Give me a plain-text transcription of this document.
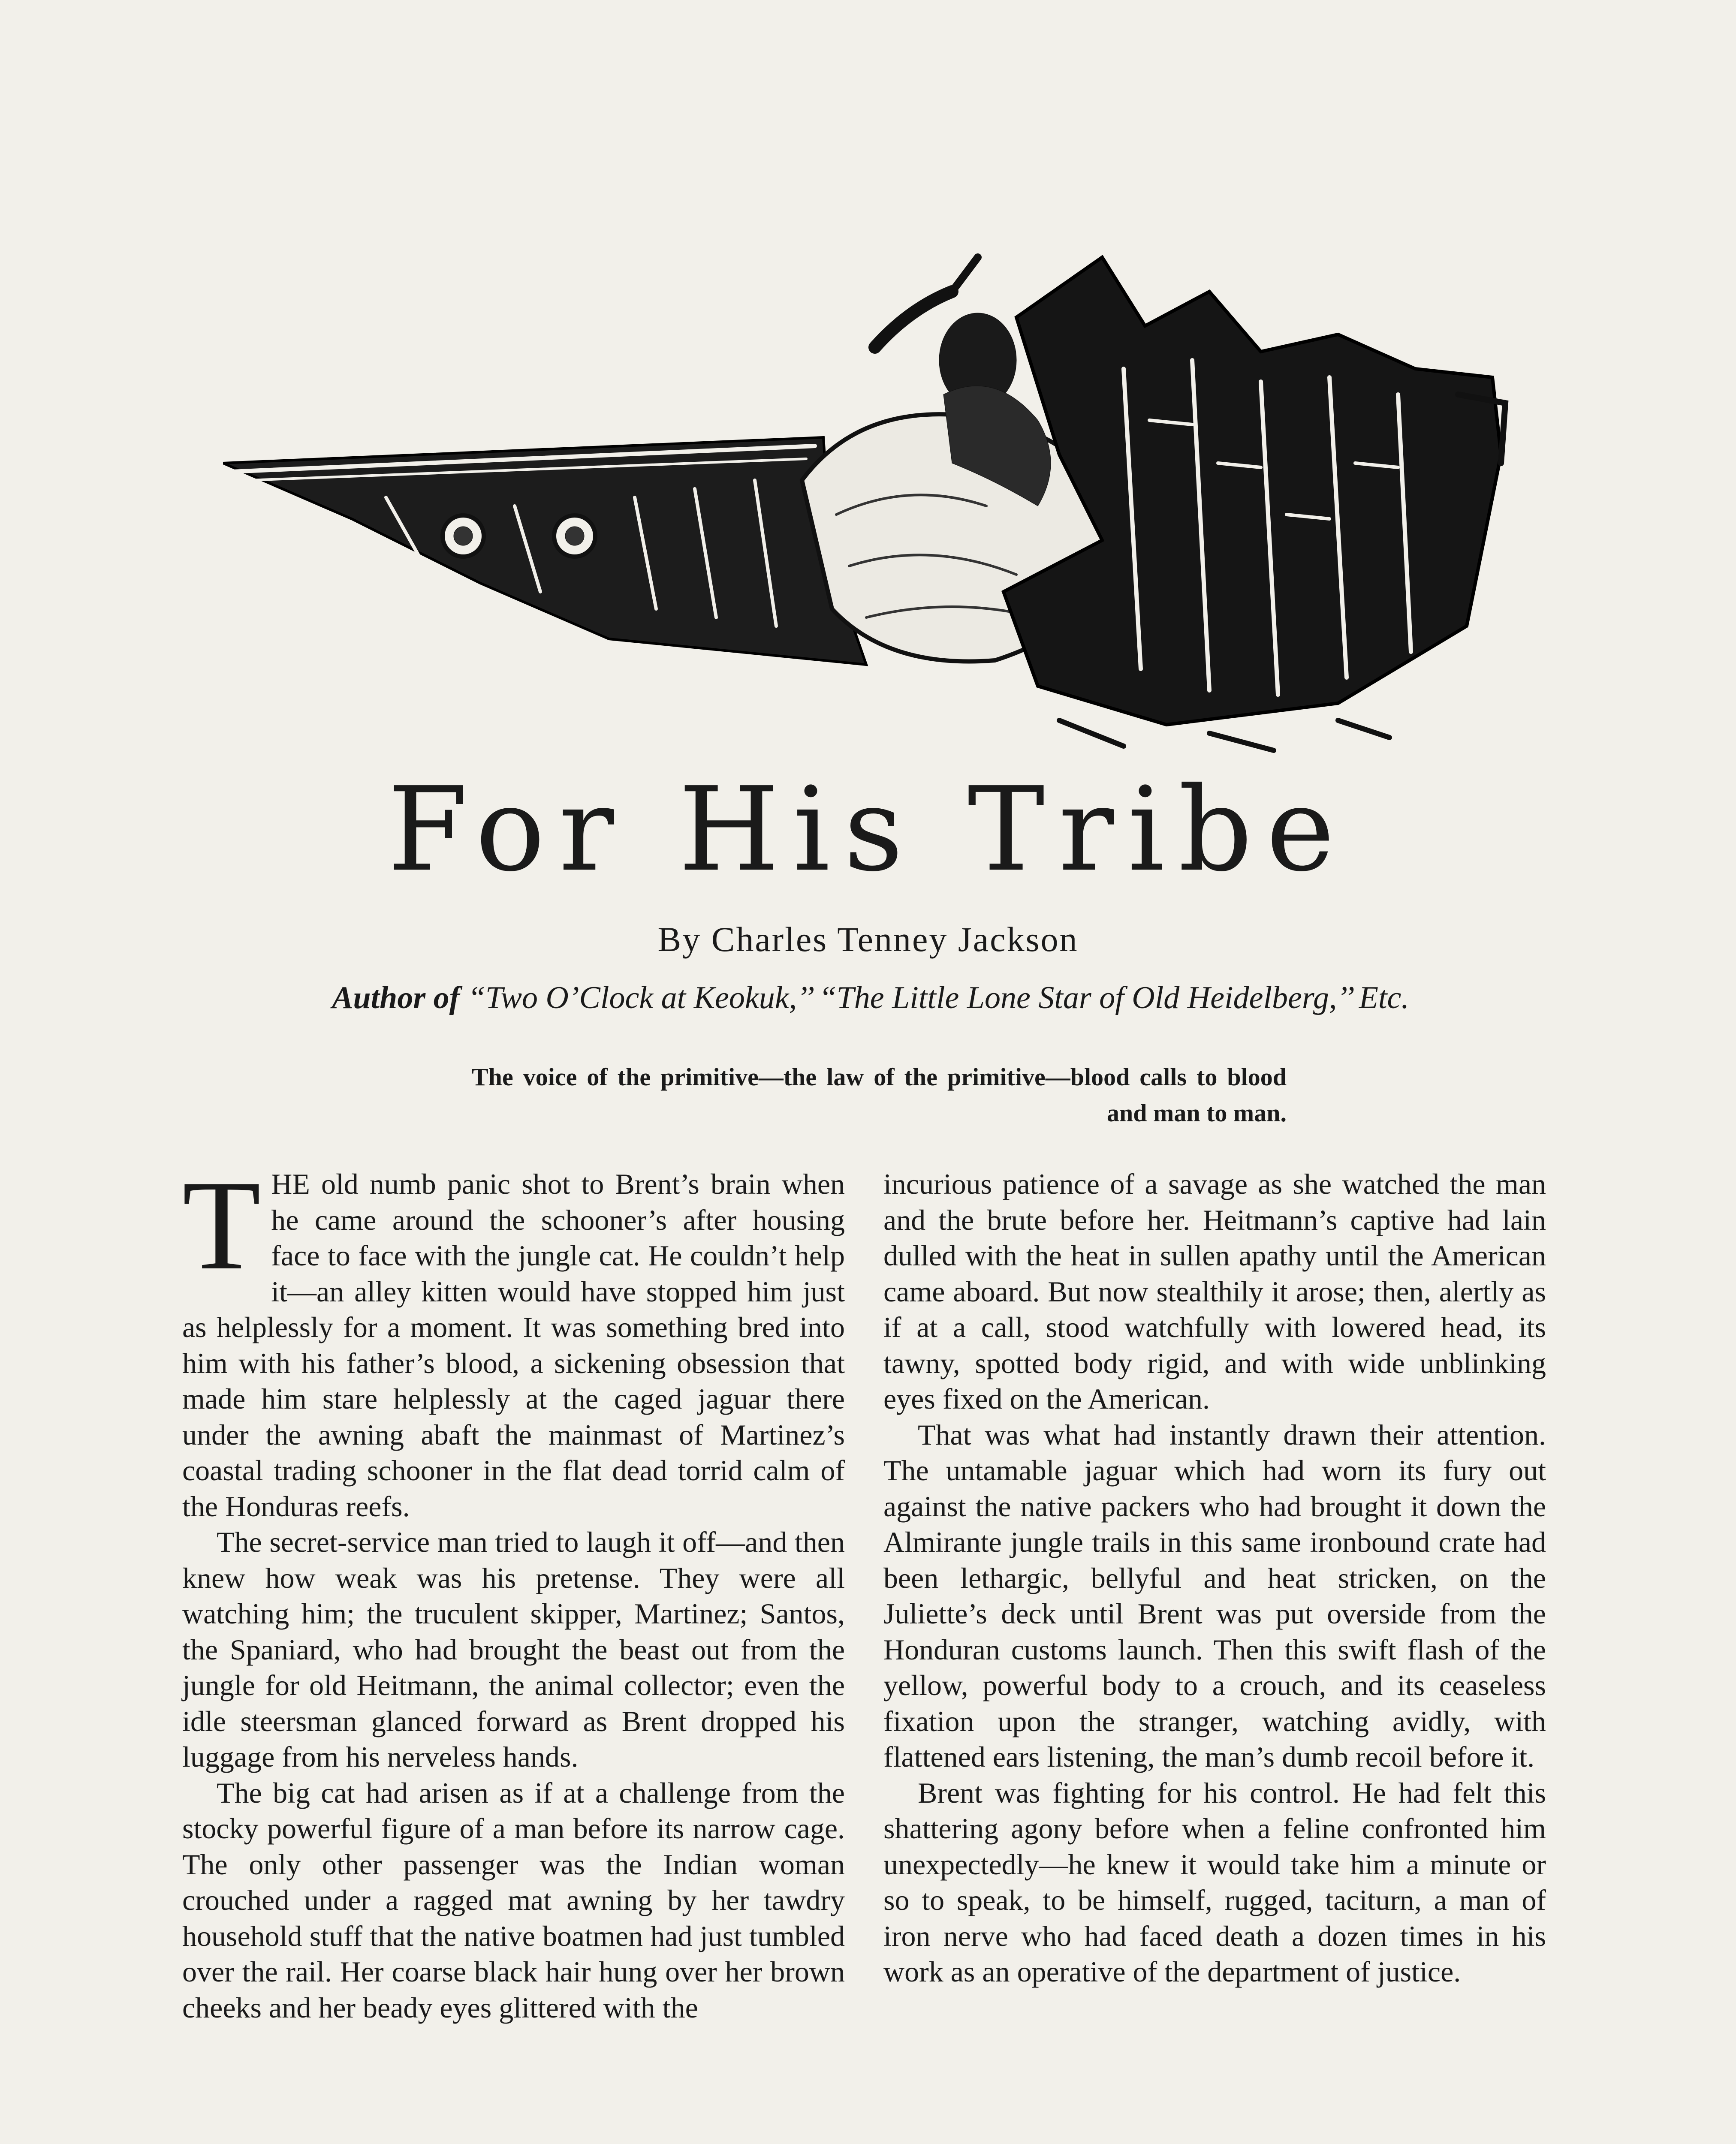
For His Tribe
By Charles Tenney Jackson
Author of “Two O’Clock at Keokuk,’’ “The Little Lone Star of Old Heidelberg,’’ Etc.
The voice of the primitive—the law of the primitive—blood calls to blood and man to man.

THE old numb panic shot to Brent’s brain when he came around the schooner’s after housing face to face with the jungle cat. He couldn’t help it—an alley kitten would have stopped him just as helplessly for a moment. It was something bred into him with his father’s blood, a sickening obsession that made him stare helplessly at the caged jaguar there under the awning abaft the mainmast of Martinez’s coastal trading schooner in the flat dead torrid calm of the Honduras reefs.

The secret-service man tried to laugh it off—and then knew how weak was his pretense. They were all watching him; the truculent skipper, Martinez; Santos, the Spaniard, who had brought the beast out from the jungle for old Heitmann, the animal collector; even the idle steersman glanced forward as Brent dropped his luggage from his nerveless hands.

The big cat had arisen as if at a challenge from the stocky powerful figure of a man before its narrow cage. The only other passenger was the Indian woman crouched under a ragged mat awning by her tawdry household stuff that the native boatmen had just tumbled over the rail. Her coarse black hair hung over her brown cheeks and her beady eyes glittered with the

incurious patience of a savage as she watched the man and the brute before her. Heitmann’s captive had lain dulled with the heat in sullen apathy until the American came aboard. But now stealthily it arose; then, alertly as if at a call, stood watchfully with lowered head, its tawny, spotted body rigid, and with wide unblinking eyes fixed on the American.

That was what had instantly drawn their attention. The untamable jaguar which had worn its fury out against the native packers who had brought it down the Almirante jungle trails in this same ironbound crate had been lethargic, bellyful and heat stricken, on the Juliette’s deck until Brent was put overside from the Honduran customs launch. Then this swift flash of the yellow, powerful body to a crouch, and its ceaseless fixation upon the stranger, watching avidly, with flattened ears listening, the man’s dumb recoil before it.

Brent was fighting for his control. He had felt this shattering agony before when a feline confronted him unexpectedly—he knew it would take him a minute or so to speak, to be himself, rugged, taciturn, a man of iron nerve who had faced death a dozen times in his work as an operative of the department of justice.
